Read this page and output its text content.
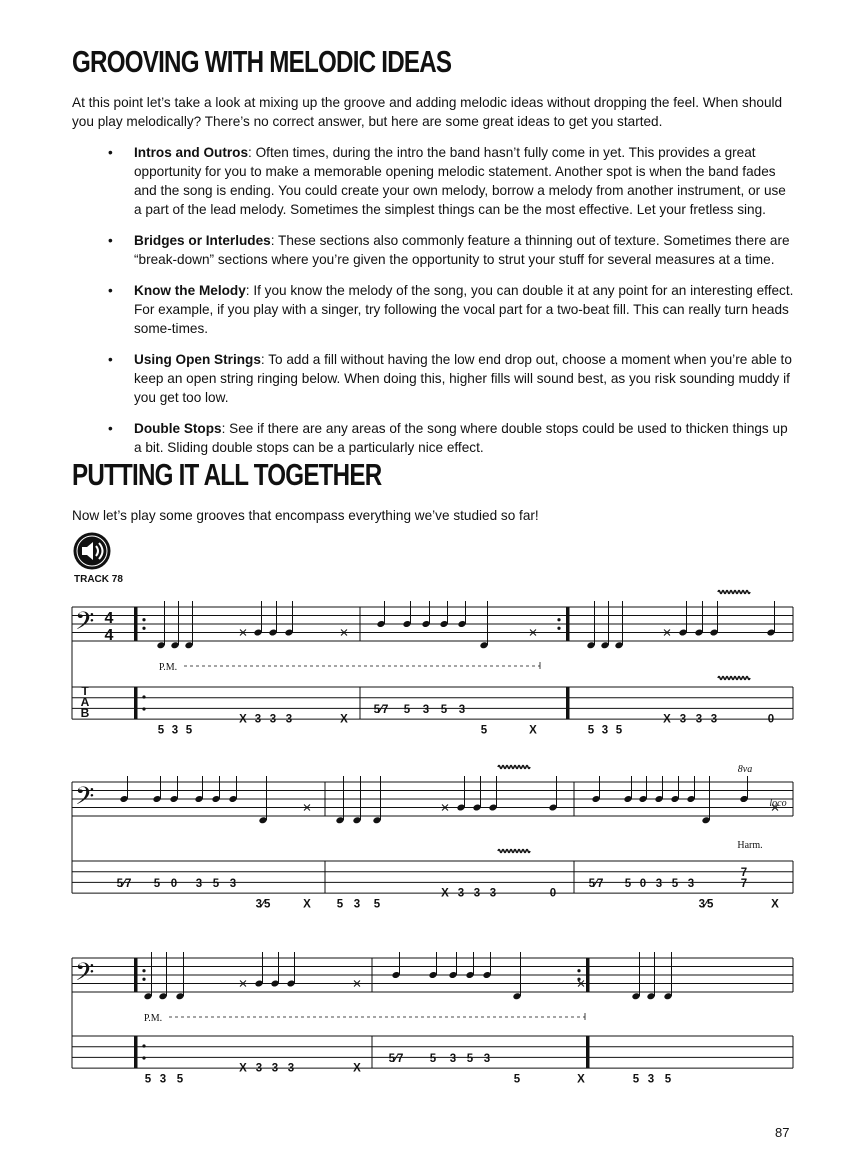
GROOVING WITH MELODIC IDEAS
At this point let’s take a look at mixing up the groove and adding melodic ideas without dropping the feel. When should you play melodically? There’s no correct answer, but here are some great ideas to get you started.
• Intros and Outros: Often times, during the intro the band hasn’t fully come in yet. This provides a great opportunity for you to make a memorable opening melodic statement. Another spot is when the band fades and the song is ending. You could create your own melody, borrow a melody from another instrument, or use a part of the lead melody. Sometimes the simplest things can be the most effective. Let your fretless sing.
• Bridges or Interludes: These sections also commonly feature a thinning out of texture. Sometimes there are “break-down” sections where you’re given the opportunity to strut your stuff for several measures at a time.
• Know the Melody: If you know the melody of the song, you can double it at any point for an interesting effect. For example, if you play with a singer, try following the vocal part for a two-beat fill. This can really turn heads some-times.
• Using Open Strings: To add a fill without having the low end drop out, choose a moment when you’re able to keep an open string ringing below. When doing this, higher fills will sound best, as you risk sounding muddy if you get too low.
• Double Stops: See if there are any areas of the song where double stops could be used to thicken things up a bit. Sliding double stops can be a particularly nice effect.
PUTTING IT ALL TOGETHER
Now let’s play some grooves that encompass everything we’ve studied so far!
TRACK 78
𝄢 4
4
T
A
B
5 3 5
X 3 3 3	X
5⁄7 5 3 5 3
5	X	5 3 5
X 3 3 3	0
P.M.
𝄢
5⁄7 5 0 3 5 3
3⁄5	X 5 3 5
X 3 3 3	0
5⁄7 5 0 3 5 3
3⁄5
7
7
X
𝄢
5 3 5
X 3 3 3	X
5⁄7 5 3 5 3
5	X	5 3 5
P.M.
8va
loco
Harm.
87
